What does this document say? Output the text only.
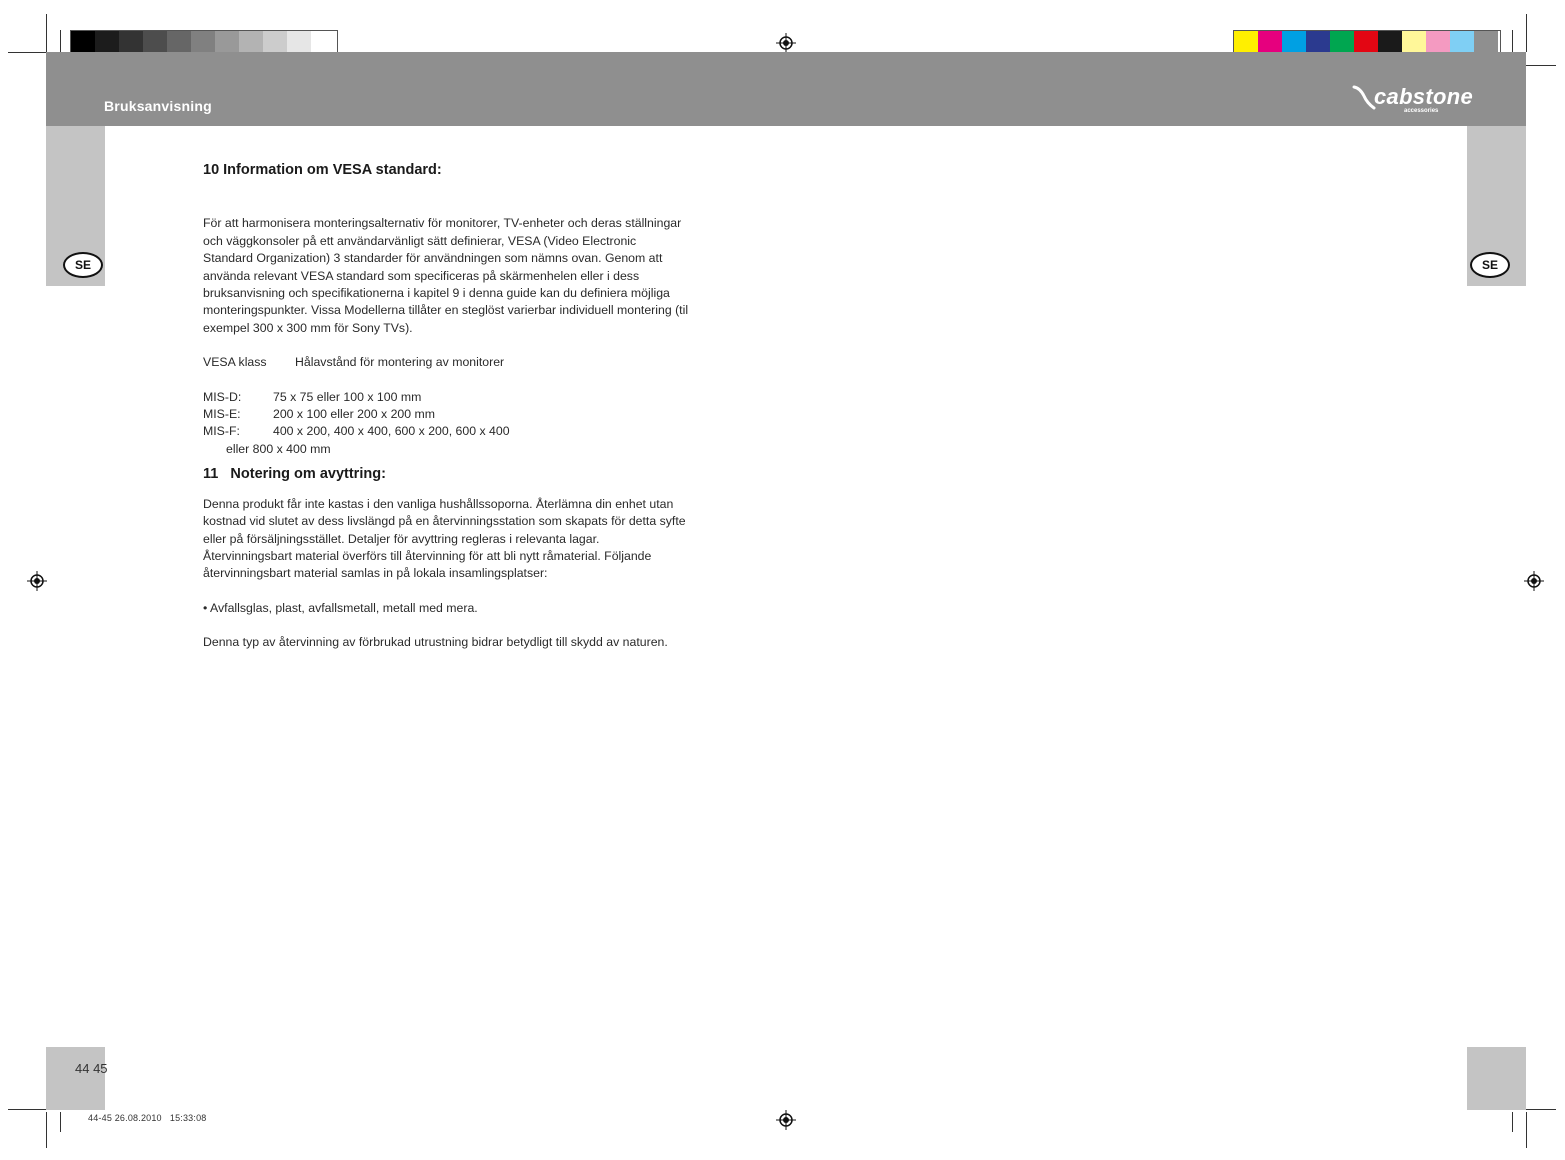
Bruksanvisning	cabstone
accessories
SE	SE

10 Information om VESA standard:

För att harmonisera monteringsalternativ för monitorer, TV-enheter och deras ställningar
och väggkonsoler på ett användarvänligt sätt definierar, VESA (Video Electronic
Standard Organization) 3 standarder för användningen som nämns ovan. Genom att
använda relevant VESA standard som specificeras på skärmenhelen eller i dess
bruksanvisning och specifikationerna i kapitel 9 i denna guide kan du definiera möjliga
monteringspunkter. Vissa Modellerna tillåter en steglöst varierbar individuell montering (til
exempel 300 x 300 mm för Sony TVs).
VESA klass	Hålavstånd för montering av monitorer
MIS-D:	75 x 75 eller 100 x 100 mm
MIS-E:	200 x 100 eller 200 x 200 mm
MIS-F:	400 x 200, 400 x 400, 600 x 200, 600 x 400
eller 800 x 400 mm

11   Notering om avyttring:

Denna produkt får inte kastas i den vanliga hushållssoporna. Återlämna din enhet utan
kostnad vid slutet av dess livslängd på en återvinningsstation som skapats för detta syfte
eller på försäljningsstället. Detaljer för avyttring regleras i relevanta lagar.
Återvinningsbart material överförs till återvinning för att bli nytt råmaterial. Följande
återvinningsbart material samlas in på lokala insamlingsplatser:

• Avfallsglas, plast, avfallsmetall, metall med mera.

Denna typ av återvinning av förbrukad utrustning bidrar betydligt till skydd av naturen.

44 45
44-45 26.08.2010   15:33:08
